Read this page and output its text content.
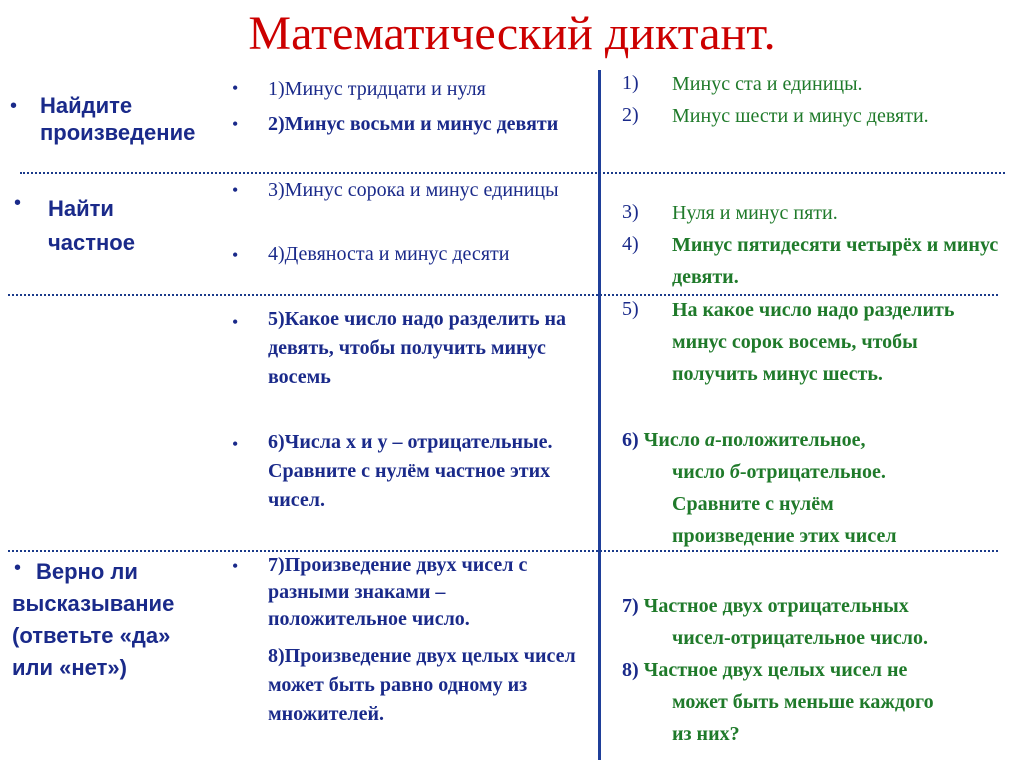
Математический диктант.
• Найдите
произведение
• Найти
частное
• Верно ли
высказывание
(ответьте «да»
или «нет»)
• 1)Минус тридцати и нуля
• 2)Минус восьми и минус девяти
• 3)Минус сорока и минус единицы
• 4)Девяноста и минус десяти
• 5)Какое число надо разделить на девять, чтобы получить минус восемь
• 6)Числа х и у – отрицательные. Сравните с нулём частное этих чисел.
• 7)Произведение двух чисел с разными знаками – положительное число.
8)Произведение двух целых чисел может быть равно одному из множителей.
1) Минус ста и единицы.
2) Минус шести и минус девяти.
3) Нуля и минус пяти.
4) Минус пятидесяти четырёх и минус девяти.
5) На какое число надо разделить минус сорок восемь, чтобы получить минус шесть.
6) Число а-положительное,
число б-отрицательное.
Сравните с нулём
произведение этих чисел
7) Частное двух отрицательных
чисел-отрицательное число.
8) Частное двух целых чисел не
может быть меньше каждого
из них?
